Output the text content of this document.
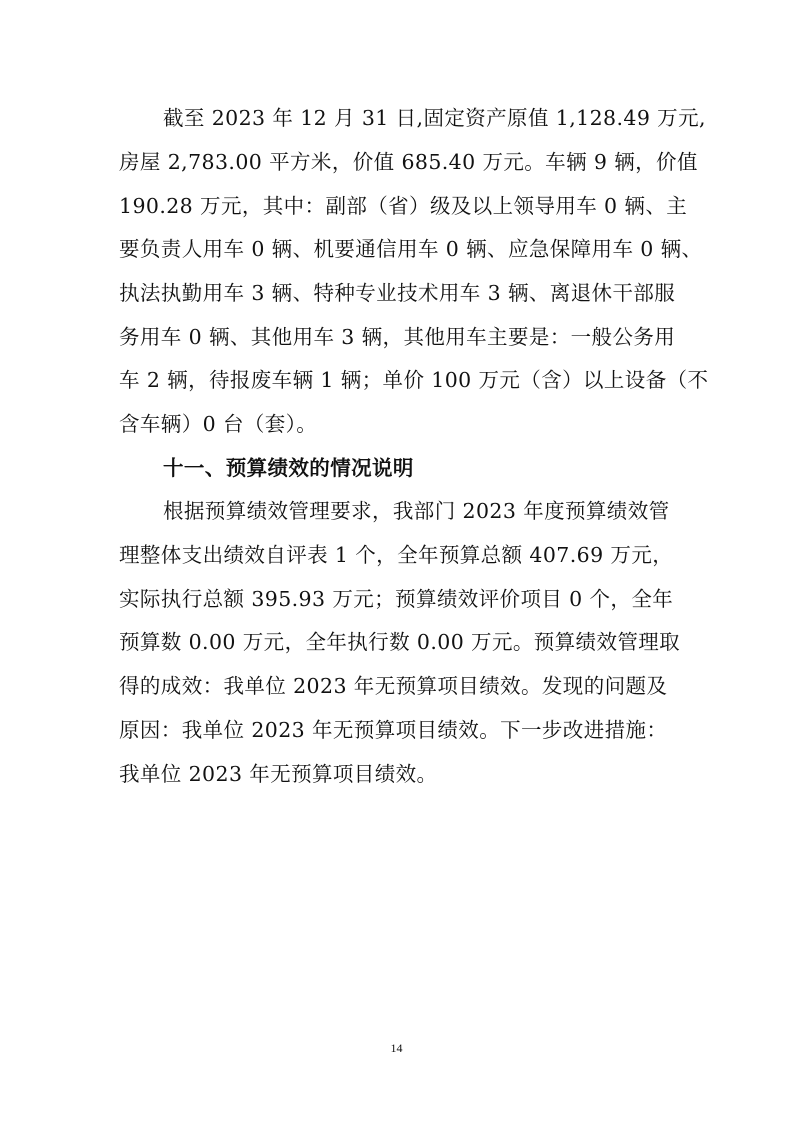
截至 2023 年 12 月 31 日,固定资产原值 1,128.49 万元,
房屋 2,783.00 平方米，价值 685.40 万元。车辆 9 辆，价值
190.28 万元，其中：副部（省）级及以上领导用车 0 辆、主
要负责人用车 0 辆、机要通信用车 0 辆、应急保障用车 0 辆、
执法执勤用车 3 辆、特种专业技术用车 3 辆、离退休干部服
务用车 0 辆、其他用车 3 辆，其他用车主要是：一般公务用
车 2 辆，待报废车辆 1 辆；单价 100 万元（含）以上设备（不
含车辆）0 台（套）。
十一、预算绩效的情况说明
根据预算绩效管理要求，我部门 2023 年度预算绩效管
理整体支出绩效自评表 1 个，全年预算总额 407.69 万元，
实际执行总额 395.93 万元；预算绩效评价项目 0 个，全年
预算数 0.00 万元，全年执行数 0.00 万元。预算绩效管理取
得的成效：我单位 2023 年无预算项目绩效。发现的问题及
原因：我单位 2023 年无预算项目绩效。下一步改进措施：
我单位 2023 年无预算项目绩效。
14
